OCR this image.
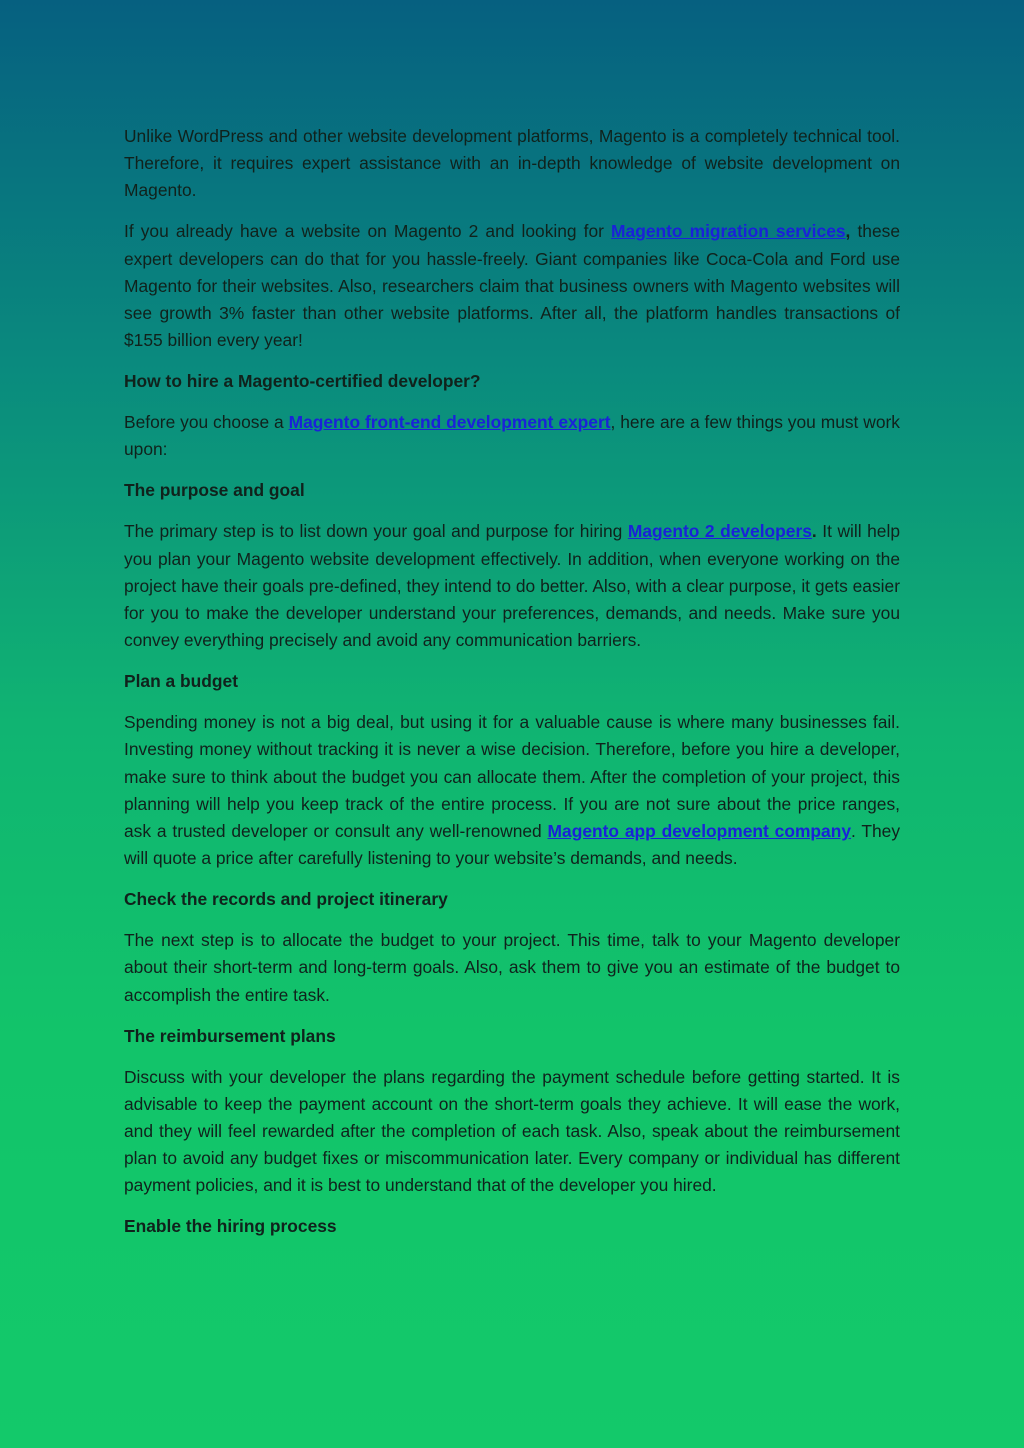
Unlike WordPress and other website development platforms, Magento is a completely technical tool. Therefore, it requires expert assistance with an in-depth knowledge of website development on Magento.

If you already have a website on Magento 2 and looking for Magento migration services, these expert developers can do that for you hassle-freely. Giant companies like Coca-Cola and Ford use Magento for their websites. Also, researchers claim that business owners with Magento websites will see growth 3% faster than other website platforms. After all, the platform handles transactions of $155 billion every year!

How to hire a Magento-certified developer?

Before you choose a Magento front-end development expert, here are a few things you must work upon:

The purpose and goal

The primary step is to list down your goal and purpose for hiring Magento 2 developers. It will help you plan your Magento website development effectively. In addition, when everyone working on the project have their goals pre-defined, they intend to do better. Also, with a clear purpose, it gets easier for you to make the developer understand your preferences, demands, and needs. Make sure you convey everything precisely and avoid any communication barriers.

Plan a budget

Spending money is not a big deal, but using it for a valuable cause is where many businesses fail. Investing money without tracking it is never a wise decision. Therefore, before you hire a developer, make sure to think about the budget you can allocate them. After the completion of your project, this planning will help you keep track of the entire process. If you are not sure about the price ranges, ask a trusted developer or consult any well-renowned Magento app development company. They will quote a price after carefully listening to your website’s demands, and needs.

Check the records and project itinerary

The next step is to allocate the budget to your project. This time, talk to your Magento developer about their short-term and long-term goals. Also, ask them to give you an estimate of the budget to accomplish the entire task.

The reimbursement plans

Discuss with your developer the plans regarding the payment schedule before getting started. It is advisable to keep the payment account on the short-term goals they achieve. It will ease the work, and they will feel rewarded after the completion of each task. Also, speak about the reimbursement plan to avoid any budget fixes or miscommunication later. Every company or individual has different payment policies, and it is best to understand that of the developer you hired.

Enable the hiring process
